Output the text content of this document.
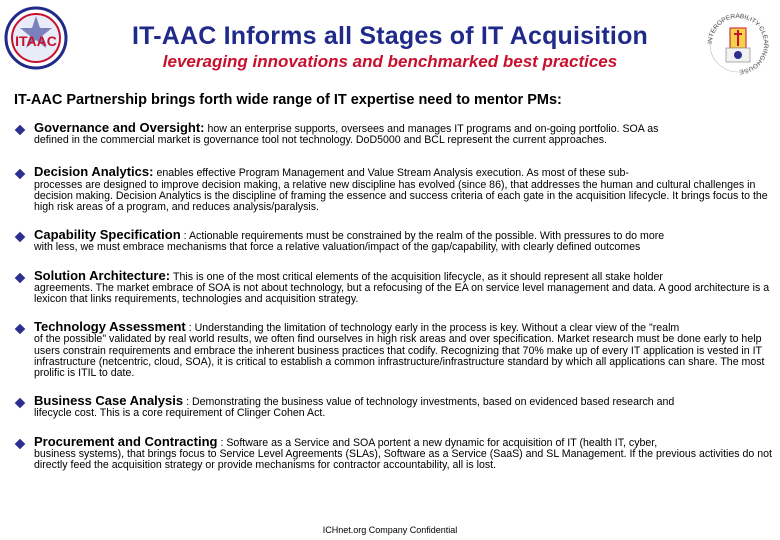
ITAAC	INTEROPERABILITY CLEARINGHOUSE
IT-AAC Informs all Stages of IT Acquisition
leveraging innovations and benchmarked best practices
IT-AAC Partnership brings forth wide range of IT expertise need to mentor PMs:
Governance and Oversight: how an enterprise supports, oversees and manages IT programs and on-going portfolio. SOA as
defined in the commercial market is governance tool not technology. DoD5000 and BCL represent the current approaches.
Decision Analytics: enables effective Program Management and Value Stream Analysis execution. As most of these sub-
processes are designed to improve decision making, a relative new discipline has evolved (since 86), that addresses the human and cultural challenges in decision making. Decision Analytics is the discipline of framing the essence and success criteria of each gate in the acquisition lifecycle. It brings focus to the high risk areas of a program, and reduces analysis/paralysis.
Capability Specification : Actionable requirements must be constrained by the realm of the possible. With pressures to do more
with less, we must embrace mechanisms that force a relative valuation/impact of the gap/capability, with clearly defined outcomes
Solution Architecture: This is one of the most critical elements of the acquisition lifecycle, as it should represent all stake holder
agreements. The market embrace of SOA is not about technology, but a refocusing of the EA on service level management and data. A good architecture is a lexicon that links requirements, technologies and acquisition strategy.
Technology Assessment : Understanding the limitation of technology early in the process is key. Without a clear view of the "realm
of the possible" validated by real world results, we often find ourselves in high risk areas and over specification. Market research must be done early to help users constrain requirements and embrace the inherent business practices that codify. Recognizing that 70% make up of every IT application is vested in IT infrastructure (netcentric, cloud, SOA), it is critical to establish a common infrastructure/infrastructure standard by which all applications can share. The most prolific is ITIL to date.
Business Case Analysis : Demonstrating the business value of technology investments, based on evidenced based research and
lifecycle cost. This is a core requirement of Clinger Cohen Act.
Procurement and Contracting : Software as a Service and SOA portent a new dynamic for acquisition of IT (health IT, cyber,
business systems), that brings focus to Service Level Agreements (SLAs), Software as a Service (SaaS) and SL Management. If the previous activities do not directly feed the acquisition strategy or provide mechanisms for contractor accountability, all is lost.
ICHnet.org Company Confidential
